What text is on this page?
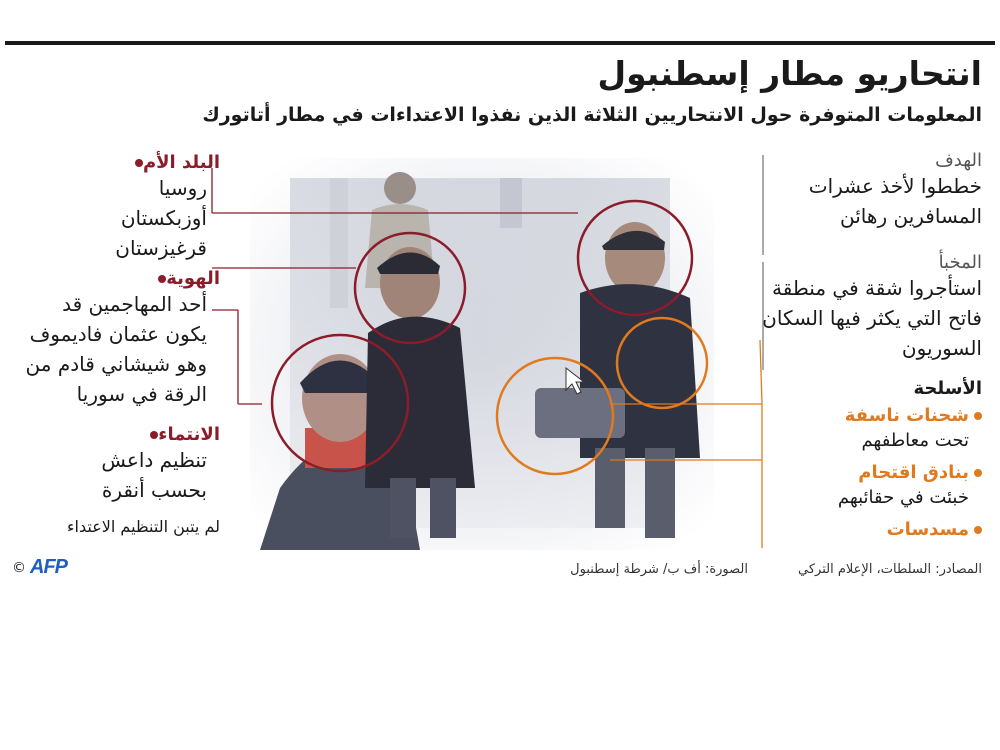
انتحاريو مطار إسطنبول
المعلومات المتوفرة حول الانتحاريين الثلاثة الذين نفذوا الاعتداءات في مطار أتاتورك
البلد الأم
روسيا
أوزبكستان
قرغيزستان
الهوية
أحد المهاجمين قد
يكون عثمان فاديموف
وهو شيشاني قادم من
الرقة في سوريا
الانتماء
تنظيم داعش
بحسب أنقرة
لم يتبن التنظيم الاعتداء
الهدف
خططوا لأخذ عشرات
المسافرين رهائن
المخبأ
استأجروا شقة في منطقة
فاتح التي يكثر فيها السكان
السوريون
الأسلحة
شحنات ناسفة
تحت معاطفهم
بنادق اقتحام
خبئت في حقائبهم
مسدسات
المصادر: السلطات، الإعلام التركي
الصورة: أف ب/ شرطة إسطنبول
© AFP
